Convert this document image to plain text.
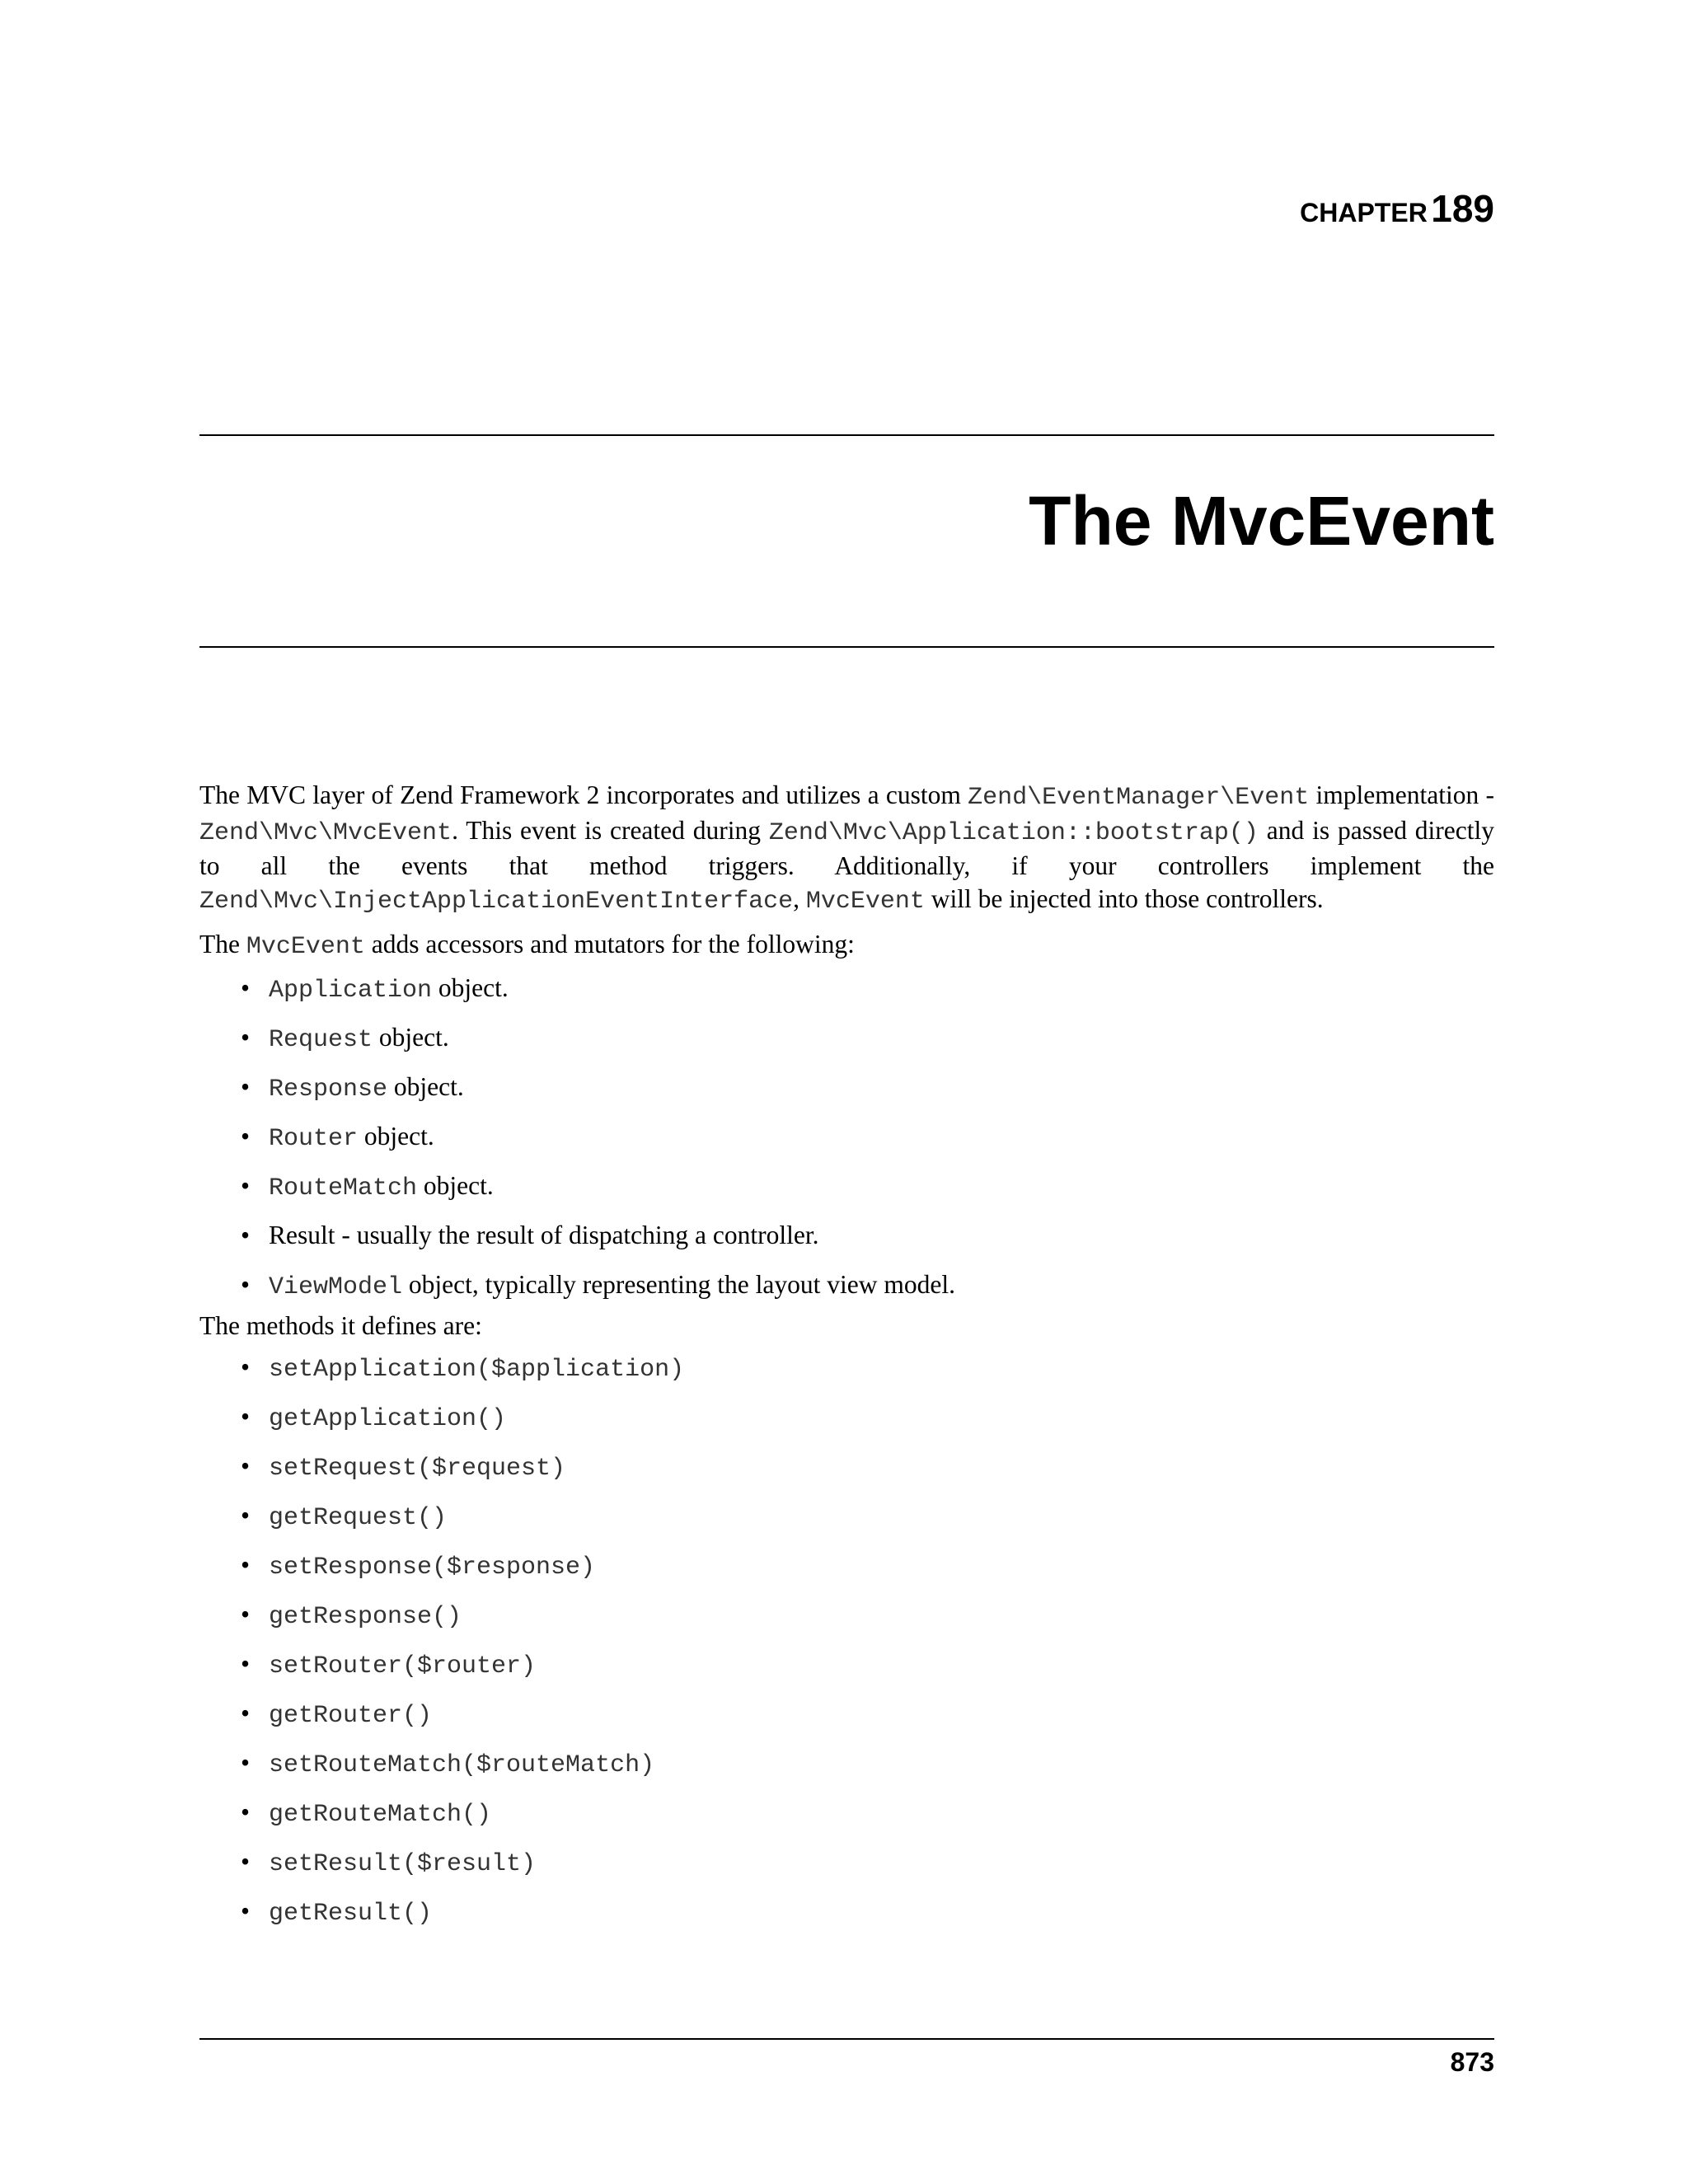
CHAPTER 189
The MvcEvent

The MVC layer of Zend Framework 2 incorporates and utilizes a custom Zend\EventManager\Event implementation - Zend\Mvc\MvcEvent. This event is created during Zend\Mvc\Application::bootstrap() and is passed directly to all the events that method triggers. Additionally, if your controllers implement the Zend\Mvc\InjectApplicationEventInterface, MvcEvent will be injected into those controllers.

The MvcEvent adds accessors and mutators for the following:

• Application object.
• Request object.
• Response object.
• Router object.
• RouteMatch object.
• Result - usually the result of dispatching a controller.
• ViewModel object, typically representing the layout view model.

The methods it defines are:

• setApplication($application)
• getApplication()
• setRequest($request)
• getRequest()
• setResponse($response)
• getResponse()
• setRouter($router)
• getRouter()
• setRouteMatch($routeMatch)
• getRouteMatch()
• setResult($result)
• getResult()
873
